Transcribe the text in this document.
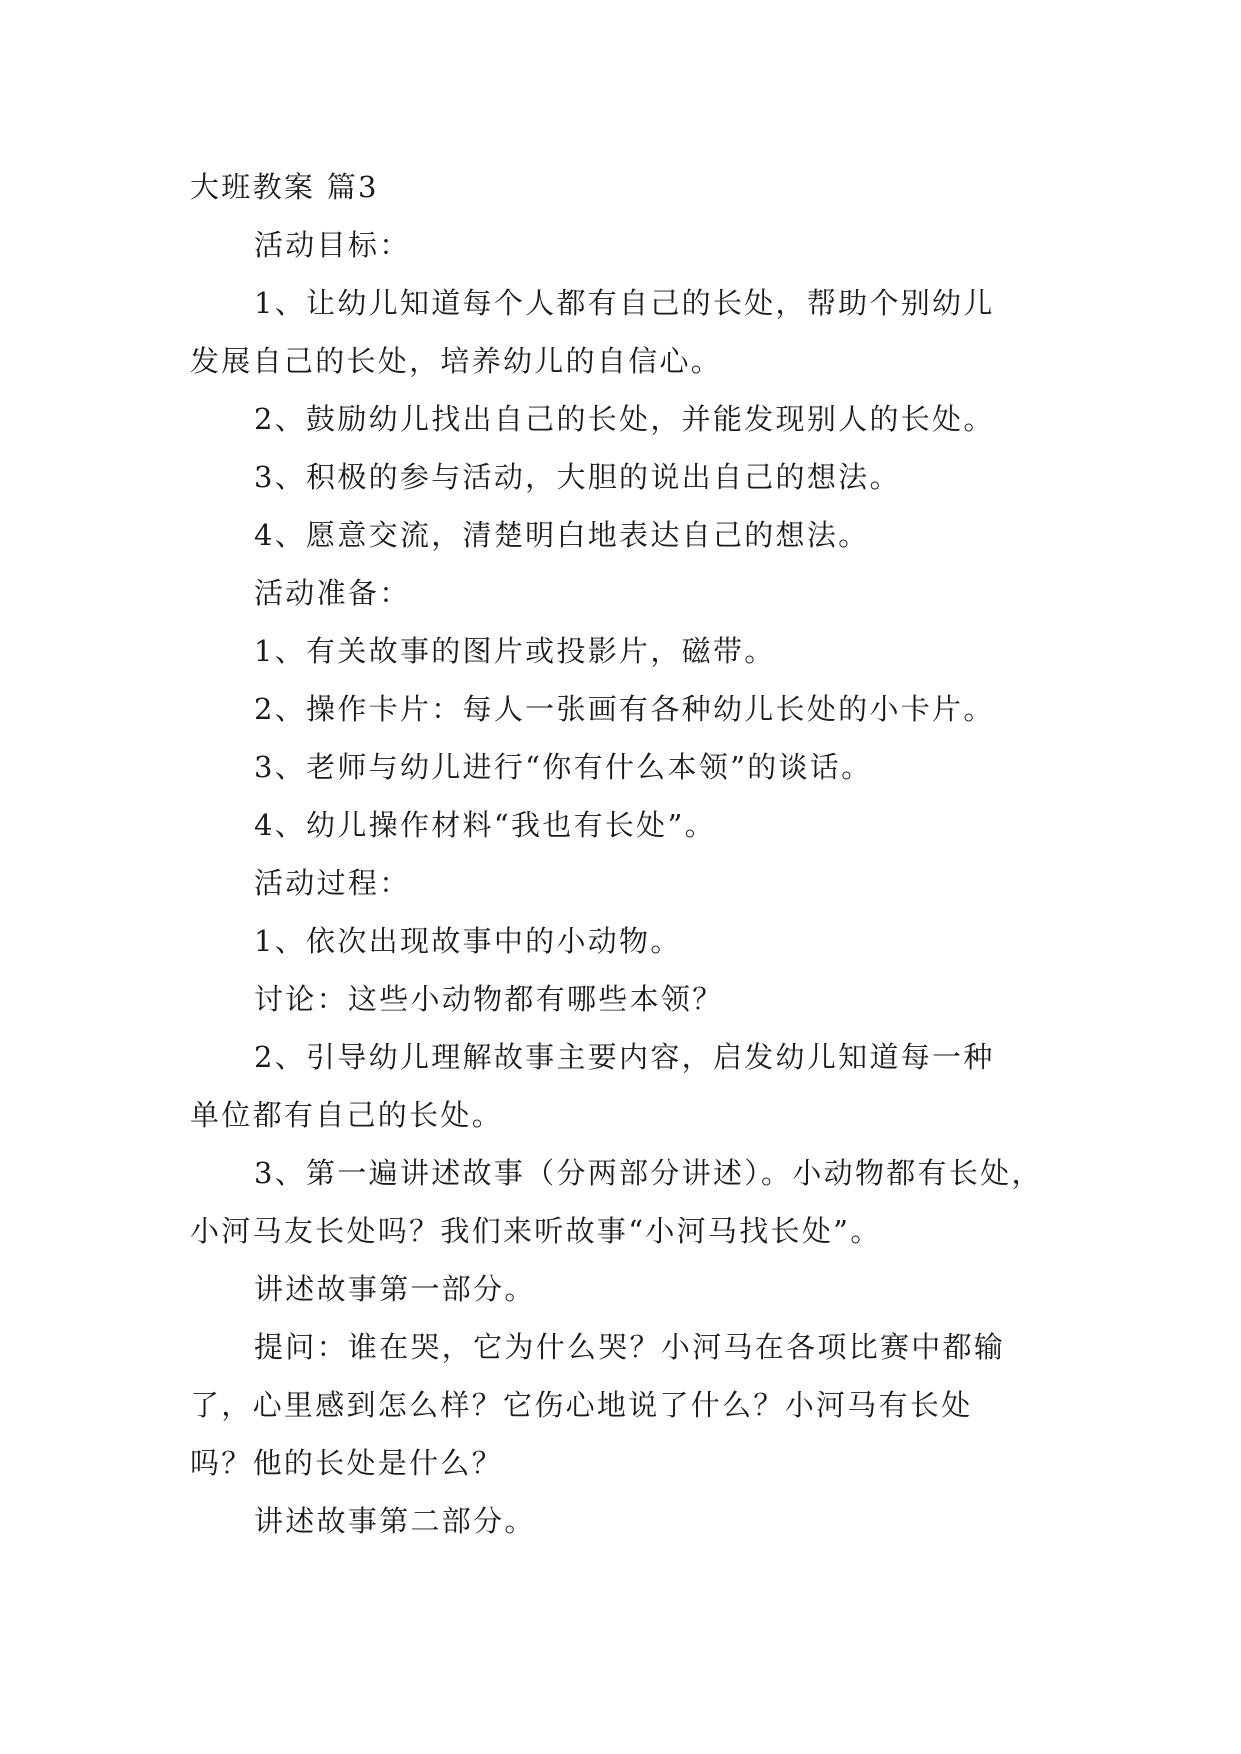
大班教案 篇3
活动目标：
1、让幼儿知道每个人都有自己的长处，帮助个别幼儿
发展自己的长处，培养幼儿的自信心。
2、鼓励幼儿找出自己的长处，并能发现别人的长处。
3、积极的参与活动，大胆的说出自己的想法。
4、愿意交流，清楚明白地表达自己的想法。
活动准备：
1、有关故事的图片或投影片，磁带。
2、操作卡片：每人一张画有各种幼儿长处的小卡片。
3、老师与幼儿进行“你有什么本领”的谈话。
4、幼儿操作材料“我也有长处”。
活动过程：
1、依次出现故事中的小动物。
讨论：这些小动物都有哪些本领？
2、引导幼儿理解故事主要内容，启发幼儿知道每一种
单位都有自己的长处。
3、第一遍讲述故事（分两部分讲述）。小动物都有长处，
小河马友长处吗？我们来听故事“小河马找长处”。
讲述故事第一部分。
提问：谁在哭，它为什么哭？小河马在各项比赛中都输
了，心里感到怎么样？它伤心地说了什么？小河马有长处
吗？他的长处是什么？
讲述故事第二部分。
